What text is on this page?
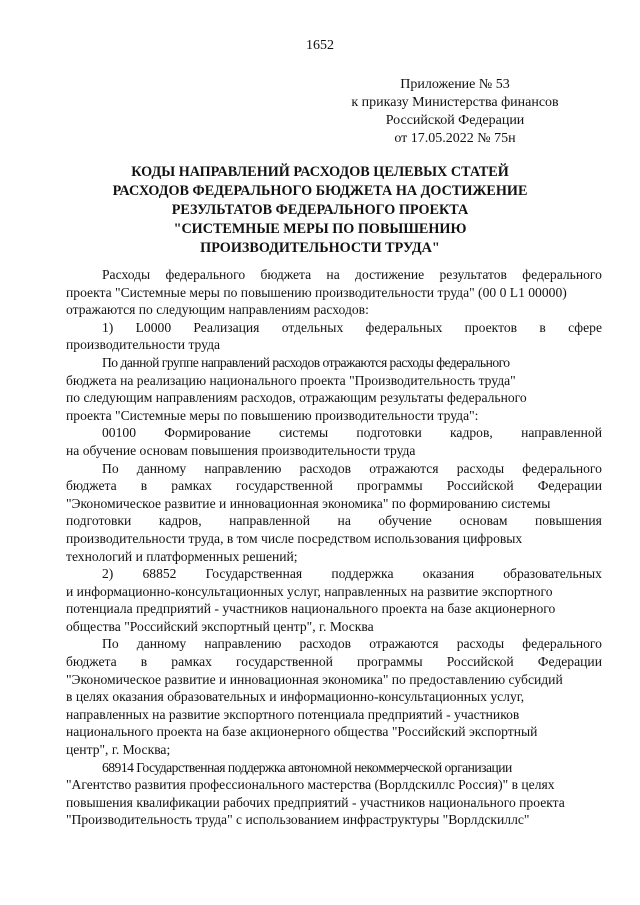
1652
Приложение № 53
к приказу Министерства финансов
Российской Федерации
от 17.05.2022 № 75н
КОДЫ НАПРАВЛЕНИЙ РАСХОДОВ ЦЕЛЕВЫХ СТАТЕЙ
РАСХОДОВ ФЕДЕРАЛЬНОГО БЮДЖЕТА НА ДОСТИЖЕНИЕ
РЕЗУЛЬТАТОВ ФЕДЕРАЛЬНОГО ПРОЕКТА
"СИСТЕМНЫЕ МЕРЫ ПО ПОВЫШЕНИЮ
ПРОИЗВОДИТЕЛЬНОСТИ ТРУДА"
Расходы федерального бюджета на достижение результатов федерального
проекта "Системные меры по повышению производительности труда" (00 0 L1 00000)
отражаются по следующим направлениям расходов:
1) L0000 Реализация отдельных федеральных проектов в сфере
производительности труда
По данной группе направлений расходов отражаются расходы федерального
бюджета на реализацию национального проекта "Производительность труда"
по следующим направлениям расходов, отражающим результаты федерального
проекта "Системные меры по повышению производительности труда":
00100 Формирование системы подготовки кадров, направленной
на обучение основам повышения производительности труда
По данному направлению расходов отражаются расходы федерального
бюджета в рамках государственной программы Российской Федерации
"Экономическое развитие и инновационная экономика" по формированию системы
подготовки кадров, направленной на обучение основам повышения
производительности труда, в том числе посредством использования цифровых
технологий и платформенных решений;
2) 68852 Государственная поддержка оказания образовательных
и информационно-консультационных услуг, направленных на развитие экспортного
потенциала предприятий - участников национального проекта на базе акционерного
общества "Российский экспортный центр", г. Москва
По данному направлению расходов отражаются расходы федерального
бюджета в рамках государственной программы Российской Федерации
"Экономическое развитие и инновационная экономика" по предоставлению субсидий
в целях оказания образовательных и информационно-консультационных услуг,
направленных на развитие экспортного потенциала предприятий - участников
национального проекта на базе акционерного общества "Российский экспортный
центр", г. Москва;
68914 Государственная поддержка автономной некоммерческой организации
"Агентство развития профессионального мастерства (Ворлдскиллс Россия)" в целях
повышения квалификации рабочих предприятий - участников национального проекта
"Производительность труда" с использованием инфраструктуры "Ворлдскиллс"
